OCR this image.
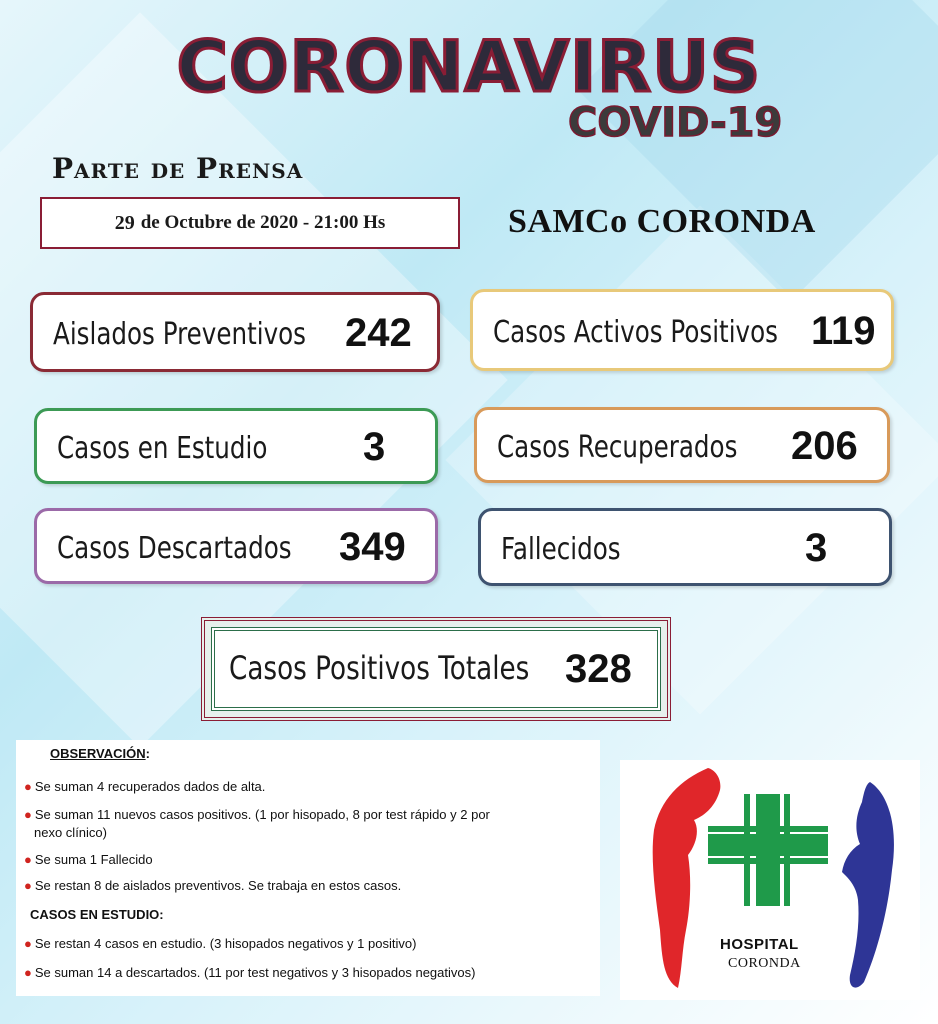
CORONAVIRUS
COVID-19
Parte de Prensa
29 de Octubre de 2020 - 21:00 Hs	SAMCo CORONDA
Aislados Preventivos 242	Casos Activos Positivos 119
Casos en Estudio 3	Casos Recuperados 206
Casos Descartados 349	Fallecidos	3
Casos Positivos Totales 328
OBSERVACIÓN:
● Se suman 4 recuperados dados de alta.
● Se suman 11 nuevos casos positivos. (1 por hisopado, 8 por test rápido y 2 por
nexo clínico)
● Se suma 1 Fallecido
● Se restan 8 de aislados preventivos. Se trabaja en estos casos.
CASOS EN ESTUDIO:
● Se restan 4 casos en estudio. (3 hisopados negativos y 1 positivo)
● Se suman 14 a descartados. (11 por test negativos y 3 hisopados negativos)
HOSPITAL
CORONDA
